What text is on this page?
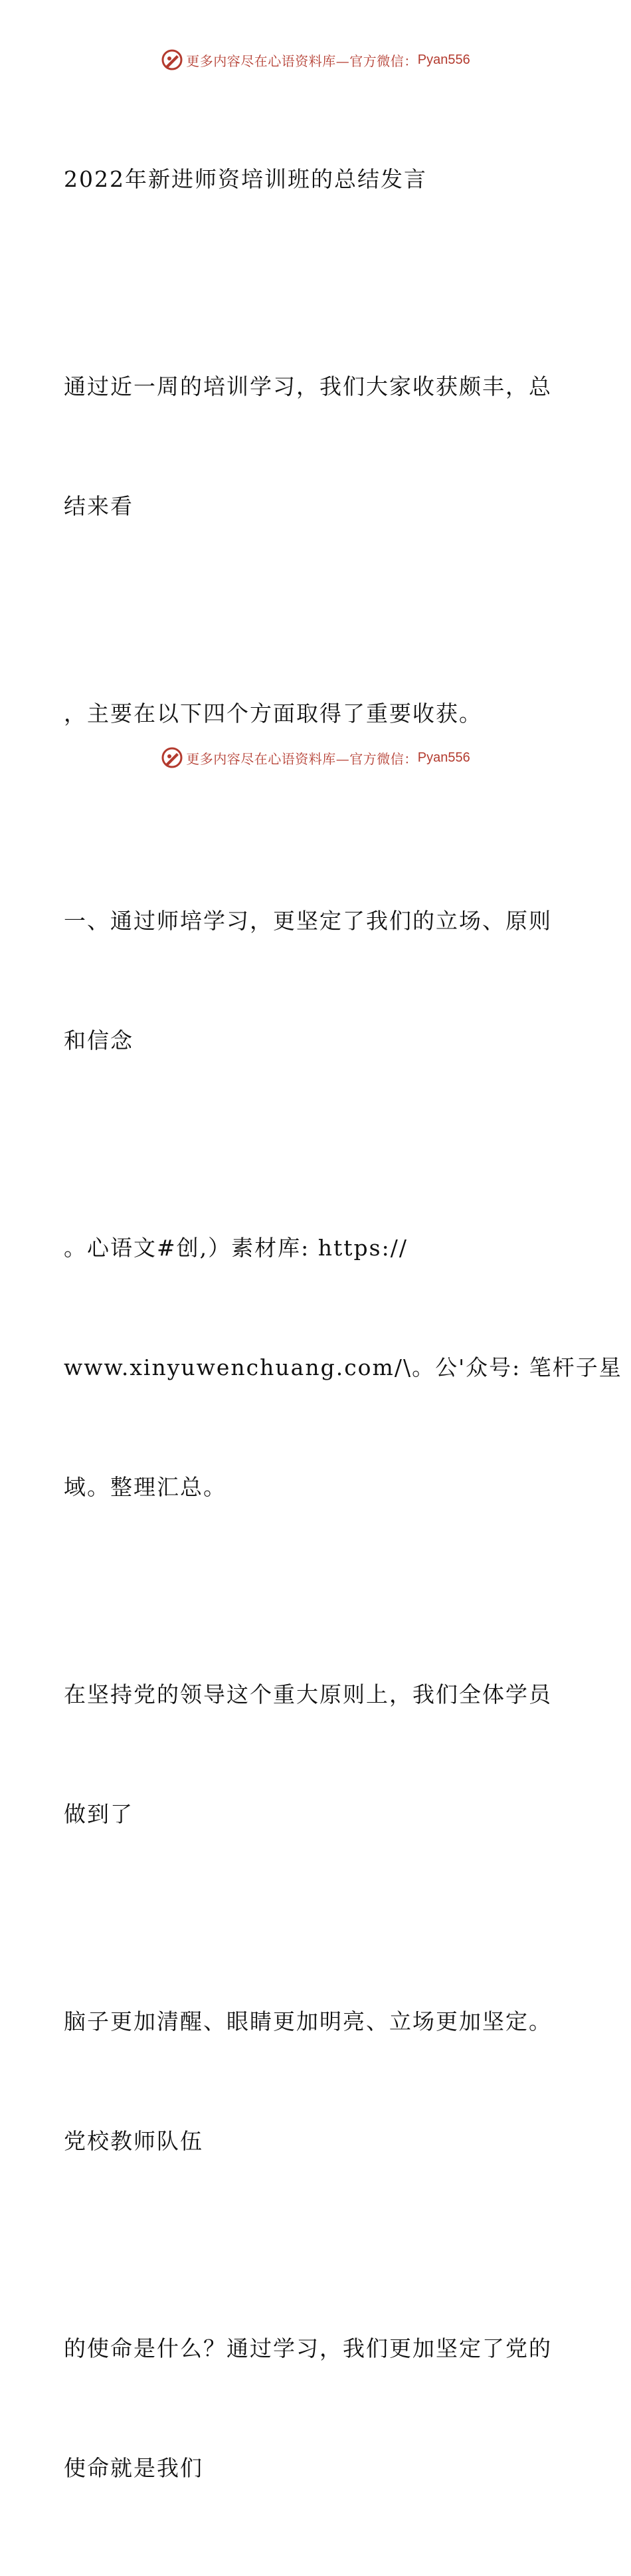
更多内容尽在心语资料库—官方微信： Pyan556

2022年新进师资培训班的总结发言

通过近一周的培训学习，我们大家收获颇丰，总

结来看

，主要在以下四个方面取得了重要收获。

一、通过师培学习，更坚定了我们的立场、原则

和信念

。心语文#创,）素材库: https://

www.xinyuwenchuang.com/\。公'众号: 笔杆子星

域。整理汇总。

在坚持党的领导这个重大原则上，我们全体学员

做到了

脑子更加清醒、眼睛更加明亮、立场更加坚定。

党校教师队伍

的使命是什么？通过学习，我们更加坚定了党的

使命就是我们

更多内容尽在心语资料库—官方微信： Pyan556
